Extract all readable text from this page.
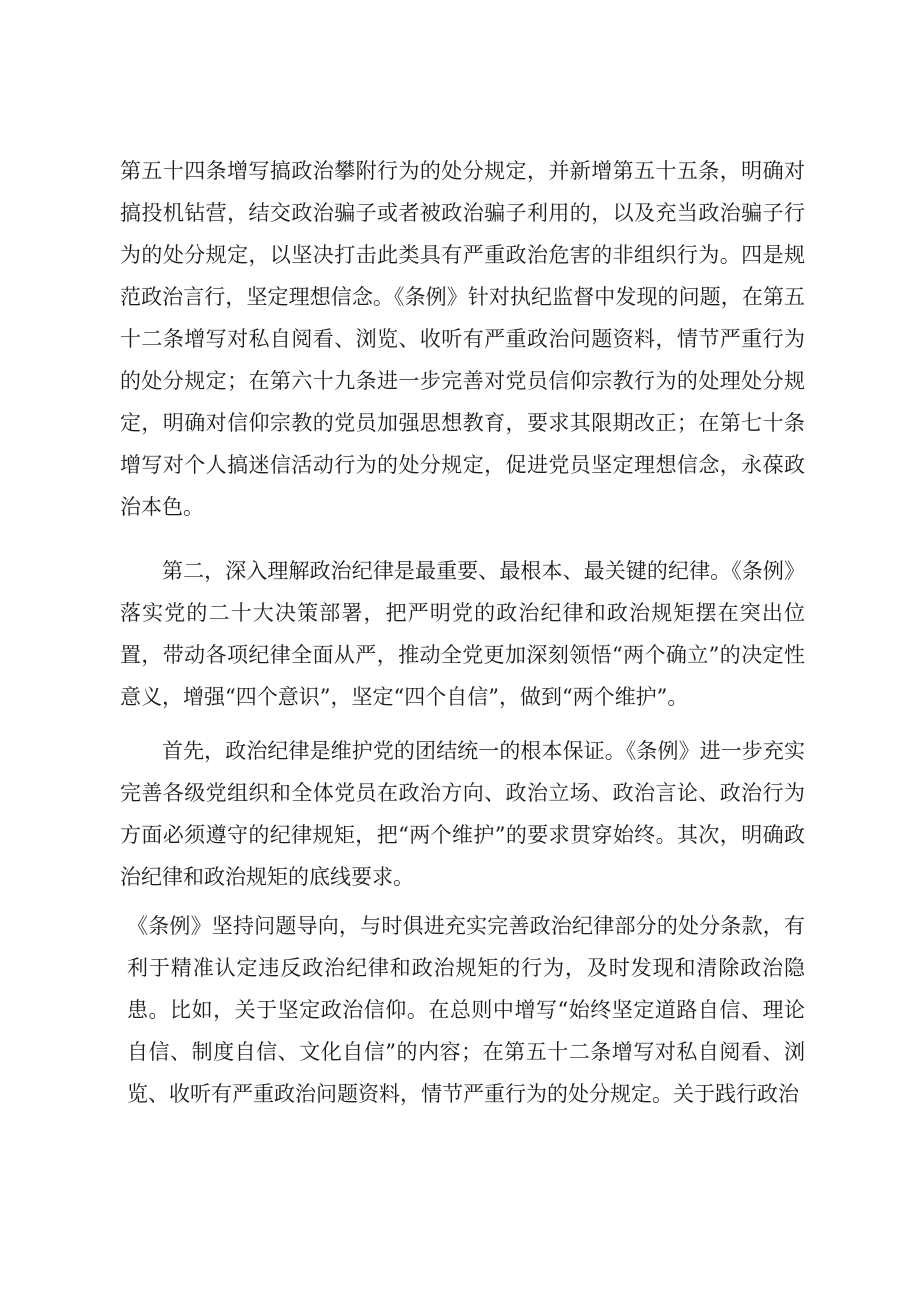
第五十四条增写搞政治攀附行为的处分规定，并新增第五十五条，明确对搞投机钻营，结交政治骗子或者被政治骗子利用的，以及充当政治骗子行为的处分规定，以坚决打击此类具有严重政治危害的非组织行为。四是规范政治言行，坚定理想信念。《条例》针对执纪监督中发现的问题，在第五十二条增写对私自阅看、浏览、收听有严重政治问题资料，情节严重行为的处分规定；在第六十九条进一步完善对党员信仰宗教行为的处理处分规定，明确对信仰宗教的党员加强思想教育，要求其限期改正；在第七十条增写对个人搞迷信活动行为的处分规定，促进党员坚定理想信念，永葆政治本色。

第二，深入理解政治纪律是最重要、最根本、最关键的纪律。《条例》落实党的二十大决策部署，把严明党的政治纪律和政治规矩摆在突出位置，带动各项纪律全面从严，推动全党更加深刻领悟“两个确立”的决定性意义，增强“四个意识”，坚定“四个自信”，做到“两个维护”。

首先，政治纪律是维护党的团结统一的根本保证。《条例》进一步充实完善各级党组织和全体党员在政治方向、政治立场、政治言论、政治行为方面必须遵守的纪律规矩，把“两个维护”的要求贯穿始终。其次，明确政治纪律和政治规矩的底线要求。

《条例》坚持问题导向，与时俱进充实完善政治纪律部分的处分条款，有利于精准认定违反政治纪律和政治规矩的行为，及时发现和清除政治隐患。比如，关于坚定政治信仰。在总则中增写“始终坚定道路自信、理论自信、制度自信、文化自信”的内容；在第五十二条增写对私自阅看、浏览、收听有严重政治问题资料，情节严重行为的处分规定。关于践行政治
